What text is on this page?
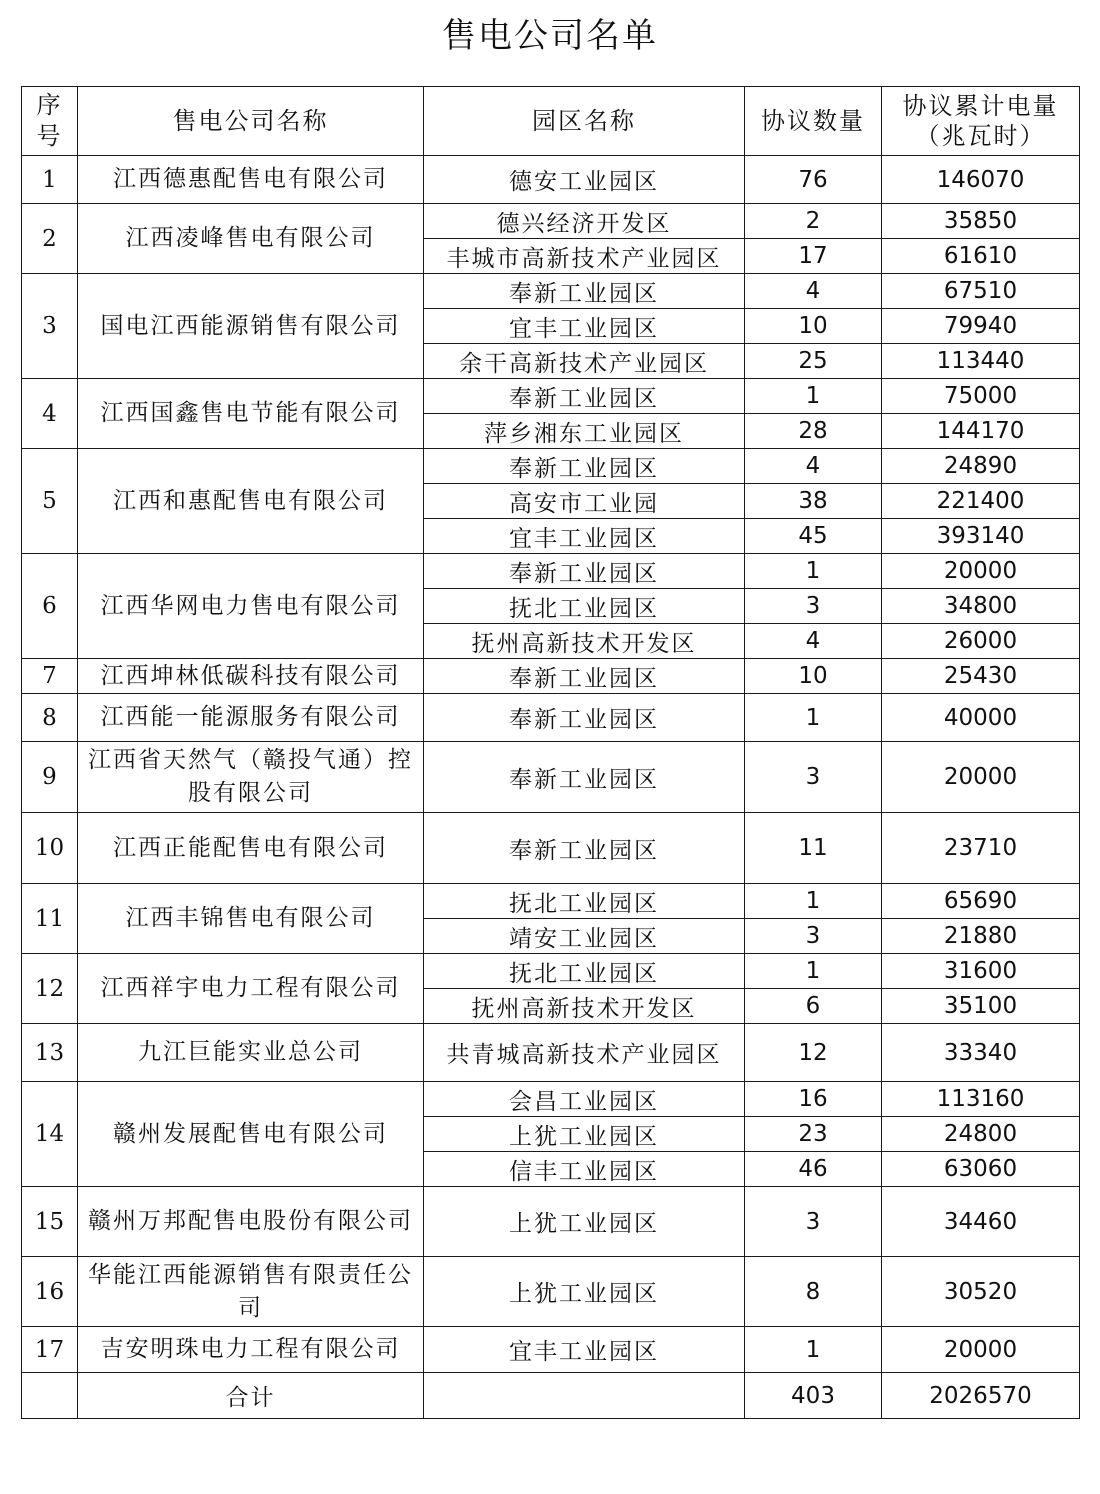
售电公司名单
序号	售电公司名称	园区名称	协议数量	协议累计电量
（兆瓦时）

1	江西德惠配售电有限公司	德安工业园区	76	146070
2	江西凌峰售电有限公司	德兴经济开发区	2	35850
		丰城市高新技术产业园区	17	61610
3	国电江西能源销售有限公司	奉新工业园区	4	67510
		宜丰工业园区	10	79940
		余干高新技术产业园区	25	113440
4	江西国鑫售电节能有限公司	奉新工业园区	1	75000
		萍乡湘东工业园区	28	144170
5	江西和惠配售电有限公司	奉新工业园区	4	24890
		高安市工业园	38	221400
		宜丰工业园区	45	393140
6	江西华网电力售电有限公司	奉新工业园区	1	20000
		抚北工业园区	3	34800
		抚州高新技术开发区	4	26000
7	江西坤林低碳科技有限公司	奉新工业园区	10	25430
8	江西能一能源服务有限公司	奉新工业园区	1	40000
9	江西省天然气（赣投气通）控股有限公司	奉新工业园区	3	20000
10	江西正能配售电有限公司	奉新工业园区	11	23710
11	江西丰锦售电有限公司	抚北工业园区	1	65690
		靖安工业园区	3	21880
12	江西祥宇电力工程有限公司	抚北工业园区	1	31600
		抚州高新技术开发区	6	35100
13	九江巨能实业总公司	共青城高新技术产业园区	12	33340
14	赣州发展配售电有限公司	会昌工业园区	16	113160
		上犹工业园区	23	24800
		信丰工业园区	46	63060
15	赣州万邦配售电股份有限公司	上犹工业园区	3	34460
16	华能江西能源销售有限责任公司	上犹工业园区	8	30520
17	吉安明珠电力工程有限公司	宜丰工业园区	1	20000
	合计		403	2026570
